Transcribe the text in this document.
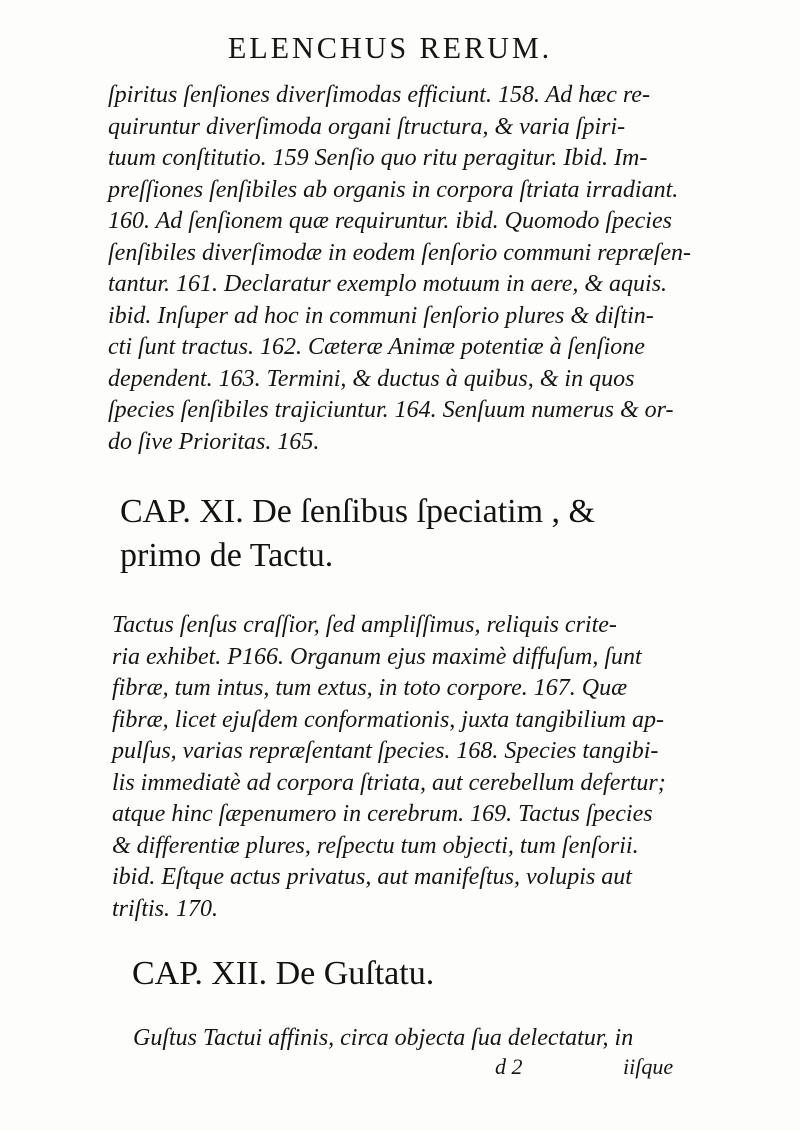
ELENCHUS RERUM.
ſpiritus ſenſiones diverſimodas efficiunt. 158. Ad hæc re-
quiruntur diverſimoda organi ſtructura, & varia ſpiri-
tuum conſtitutio. 159 Senſio quo ritu peragitur. Ibid. Im-
preſſiones ſenſibiles ab organis in corpora ſtriata irradiant.
160. Ad ſenſionem quæ requiruntur. ibid. Quomodo ſpecies
ſenſibiles diverſimodæ in eodem ſenſorio communi repræſen-
tantur. 161. Declaratur exemplo motuum in aere, & aquis.
ibid. Inſuper ad hoc in communi ſenſorio plures & diſtin-
cti ſunt tractus. 162. Cæteræ Animæ potentiæ à ſenſione
dependent. 163. Termini, & ductus à quibus, & in quos
ſpecies ſenſibiles trajiciuntur. 164. Senſuum numerus & or-
do ſive Prioritas. 165.
CAP. XI. De ſenſibus ſpeciatim , &
primo de Tactu.
Tactus ſenſus craſſior, ſed ampliſſimus, reliquis crite-
ria exhibet. P166. Organum ejus maximè diffuſum, ſunt
fibræ, tum intus, tum extus, in toto corpore. 167. Quæ
fibræ, licet ejuſdem conformationis, juxta tangibilium ap-
pulſus, varias repræſentant ſpecies. 168. Species tangibi-
lis immediatè ad corpora ſtriata, aut cerebellum defertur;
atque hinc ſæpenumero in cerebrum. 169. Tactus ſpecies
& differentiæ plures, reſpectu tum objecti, tum ſenſorii.
ibid. Eſtque actus privatus, aut manifeſtus, volupis aut
triſtis. 170.
CAP. XII. De Guſtatu.
Guſtus Tactui affinis, circa objecta ſua delectatur, in
d 2	iiſque
